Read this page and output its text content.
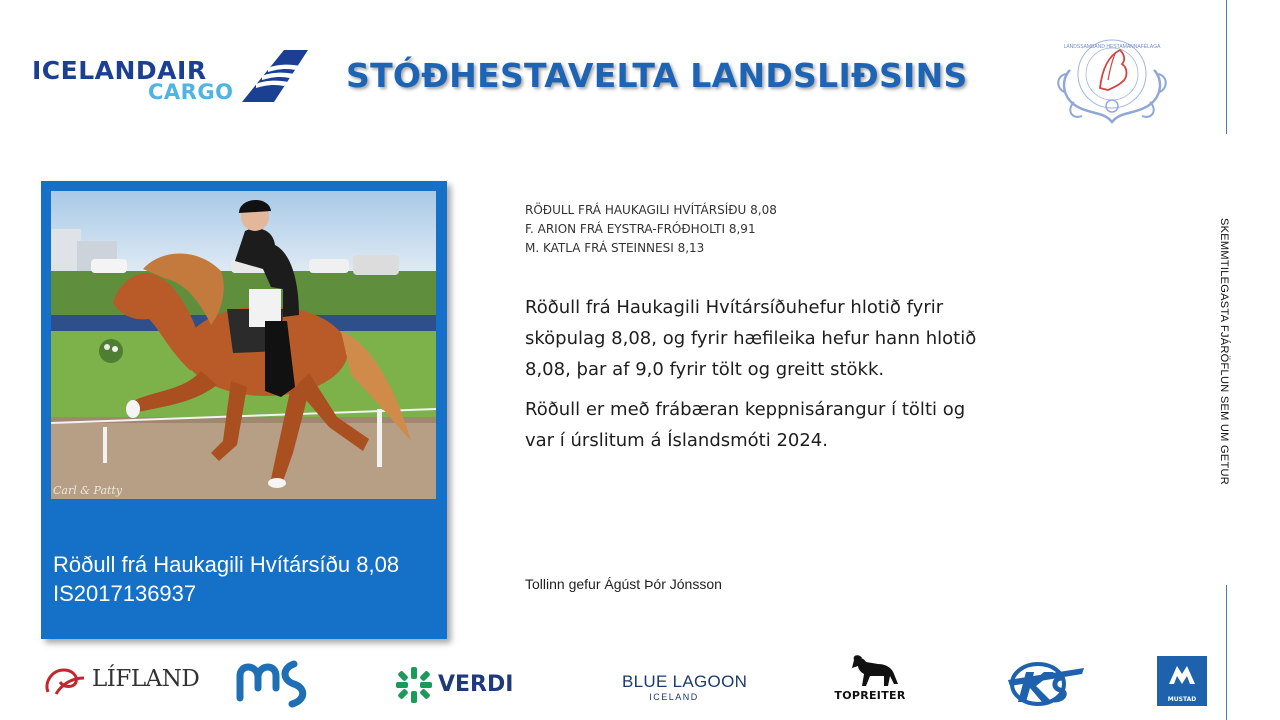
ICELANDAIR
CARGO	STÓÐHESTAVELTA LANDSLIÐSINS
LANDSSAMBAND HESTAMANNAFÉLAGA
SKEMMTILEGASTA FJÁRÖFLUN SEM UM GETUR
Carl & Patty
Röðull frá Haukagili Hvítársíðu 8,08
IS2017136937
RÖÐULL FRÁ HAUKAGILI HVÍTÁRSÍÐU 8,08
F. ARION FRÁ EYSTRA-FRÓÐHOLTI 8,91
M. KATLA FRÁ STEINNESI 8,13

Röðull frá Haukagili Hvítársíðuhefur hlotið fyrir sköpulag 8,08, og fyrir hæfileika hefur hann hlotið 8,08, þar af 9,0 fyrir tölt og greitt stökk.

Röðull er með frábæran keppnisárangur í tölti og var í úrslitum á Íslandsmóti 2024.

Tollinn gefur Ágúst Þór Jónsson
LÍFLAND	VERDI	BLUE LAGOON
ICELAND	TOPREITER	MUSTAD
